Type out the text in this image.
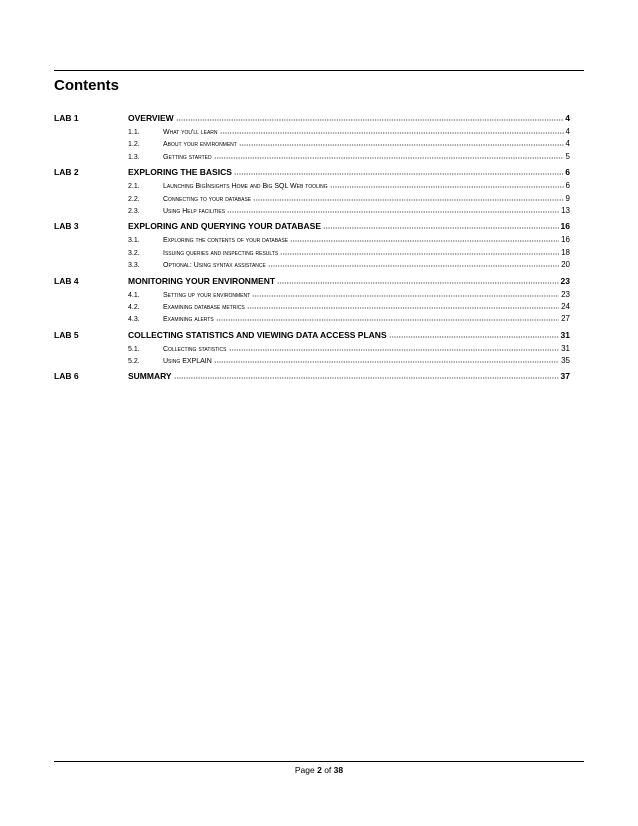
Contents
LAB 1	OVERVIEW	4
1.1.	What you'll learn	4
1.2.	About your environment	4
1.3.	Getting started	5
LAB 2	EXPLORING THE BASICS	6
2.1.	Launching BigInsights Home and Big SQL Web tooling	6
2.2.	Connecting to your database	9
2.3.	Using Help facilities	13
LAB 3	EXPLORING AND QUERYING YOUR DATABASE	16
3.1.	Exploring the contents of your database	16
3.2.	Issuing queries and inspecting results	18
3.3.	Optional: Using syntax assistance	20
LAB 4	MONITORING YOUR ENVIRONMENT	23
4.1.	Setting up your environment	23
4.2.	Examining database metrics	24
4.3.	Examining alerts	27
LAB 5	COLLECTING STATISTICS AND VIEWING DATA ACCESS PLANS	31
5.1.	Collecting statistics	31
5.2.	Using EXPLAIN	35
LAB 6	SUMMARY	37
Page 2 of 38
